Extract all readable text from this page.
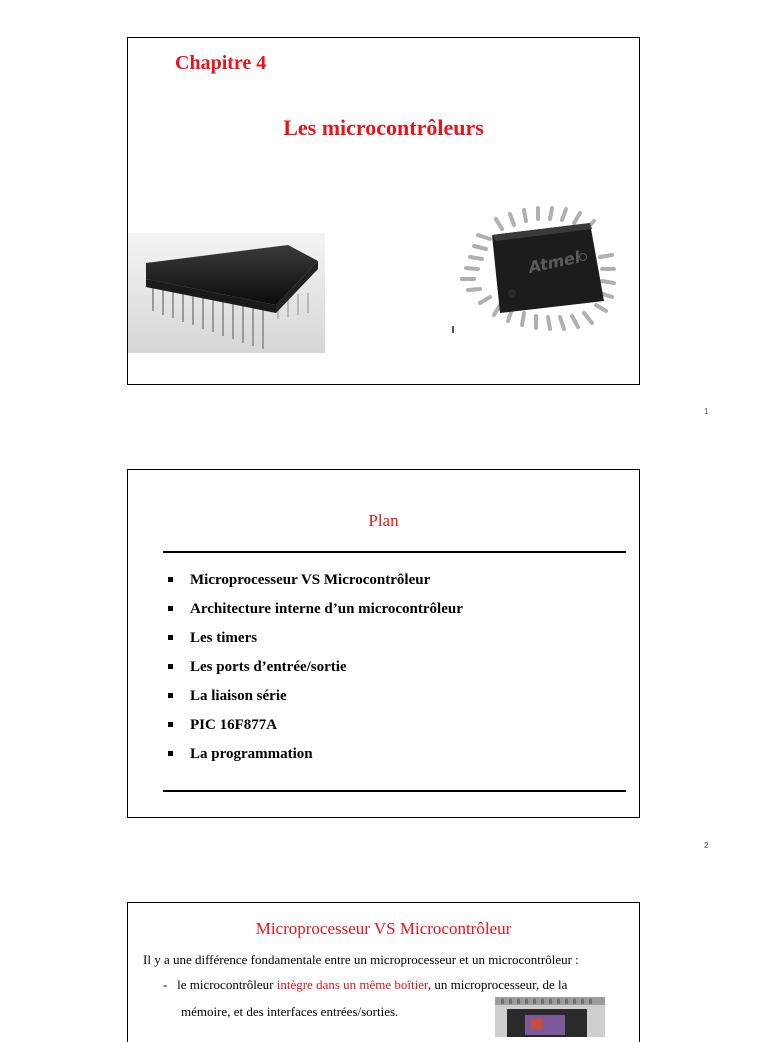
Chapitre 4
Les microcontrôleurs
Atmel
1
Plan
Microprocesseur VS Microcontrôleur
Architecture interne d’un microcontrôleur
Les timers
Les ports d’entrée/sortie
La liaison série
PIC 16F877A
La programmation
2
Microprocesseur VS Microcontrôleur
Il y a une différence fondamentale entre un microprocesseur et un microcontrôleur :
- le microcontrôleur intègre dans un même boîtier, un microprocesseur, de la
mémoire, et des interfaces entrées/sorties.
